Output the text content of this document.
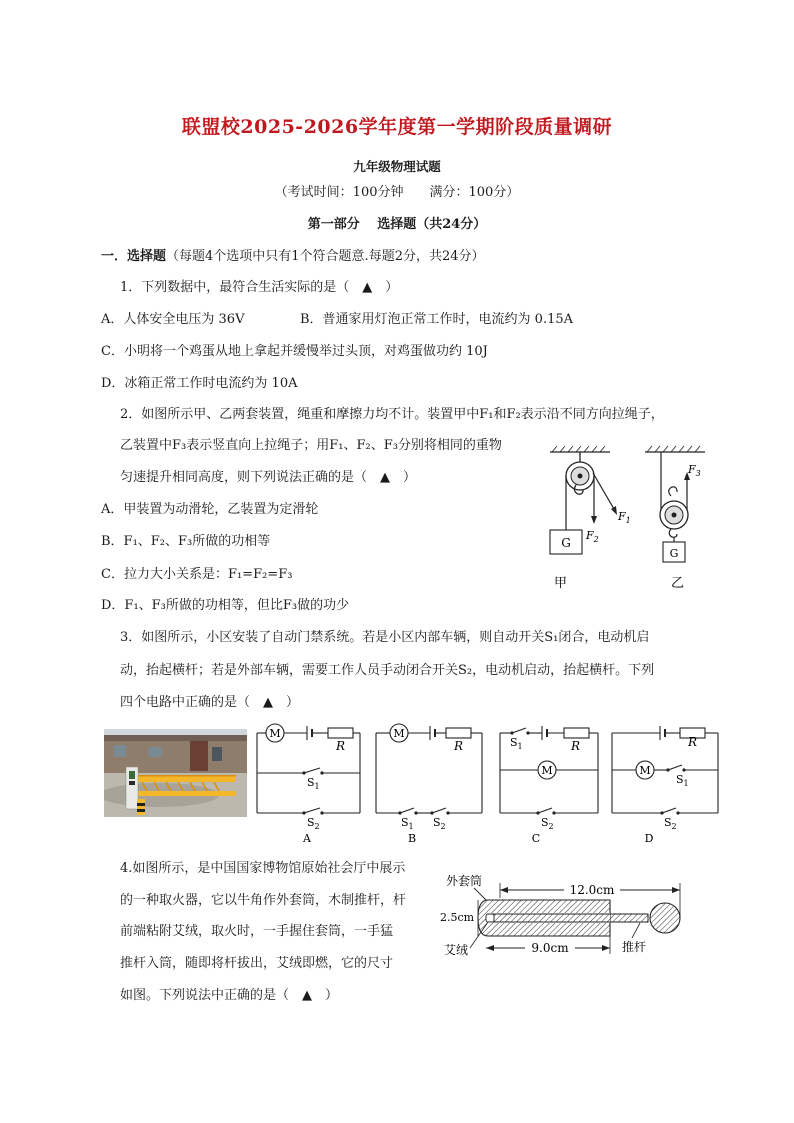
联盟校2025-2026学年度第一学期阶段质量调研
九年级物理试题
（考试时间：100分钟　　满分：100分）
第一部分　 选择题（共24分）
一．选择题（每题4个选项中只有1个符合题意.每题2分，共24分）
1．下列数据中，最符合生活实际的是（　▲　）
A．人体安全电压为 36V	B．普通家用灯泡正常工作时，电流约为 0.15A
C．小明将一个鸡蛋从地上拿起并缓慢举过头顶，对鸡蛋做功约 10J
D．冰箱正常工作时电流约为 10A
2．如图所示甲、乙两套装置，绳重和摩擦力均不计。装置甲中F₁和F₂表示沿不同方向拉绳子，
乙装置中F₃表示竖直向上拉绳子；用F₁、F₂、F₃分别将相同的重物
匀速提升相同高度，则下列说法正确的是（　▲　）
A．甲装置为动滑轮，乙装置为定滑轮
B．F₁、F₂、F₃所做的功相等
C．拉力大小关系是：F₁=F₂=F₃
D．F₁、F₃所做的功相等，但比F₃做的功少
G
$F_2$
$F_1$
甲
$F_3$
G
乙
3．如图所示，小区安装了自动门禁系统。若是小区内部车辆，则自动开关S₁闭合，电动机启
动，抬起横杆；若是外部车辆，需要工作人员手动闭合开关S₂，电动机启动，抬起横杆。下列
四个电路中正确的是（　▲　）
M	M
M	M
R	R	R	R
$S_1$
$S_2$	$S_1$ $S_2$
$S_1$
$S_2$
$S_1$
$S_2$
A	B	C	D
4.如图所示，是中国国家博物馆原始社会厅中展示
的一种取火器，它以牛角作外套筒，木制推杆，杆
前端粘附艾绒，取火时，一手握住套筒，一手猛
推杆入筒，随即将杆拔出，艾绒即燃，它的尺寸
如图。下列说法中正确的是（　▲　）
外套筒
12.0cm
2.5cm
9.0cm
艾绒	推杆
